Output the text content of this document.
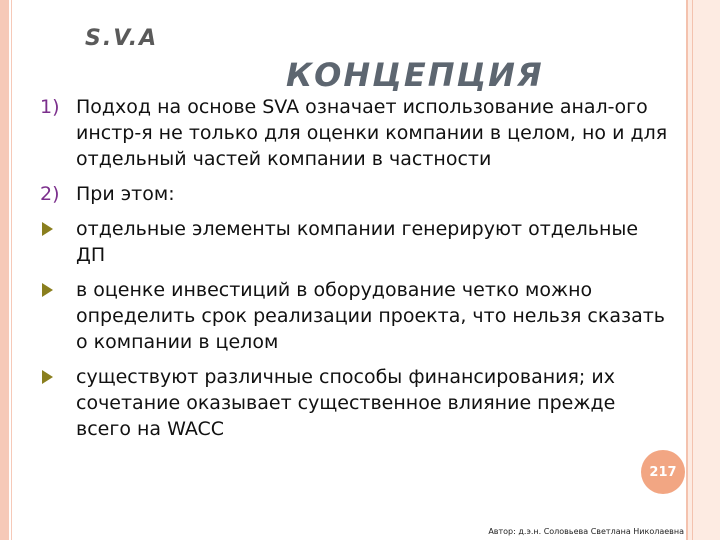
S.V.A
КОНЦЕПЦИЯ
1) Подход на основе SVA означает использование анал-ого инстр-я не только для оценки компании в целом, но и для отдельный частей компании в частности
2) При этом:
отдельные элементы компании генерируют отдельные ДП
в оценке инвестиций в оборудование четко можно определить срок реализации проекта, что нельзя сказать о компании в целом
существуют различные способы финансирования; их сочетание оказывает существенное влияние прежде всего на WACC
217
Автор: д.э.н. Соловьева Светлана Николаевна
